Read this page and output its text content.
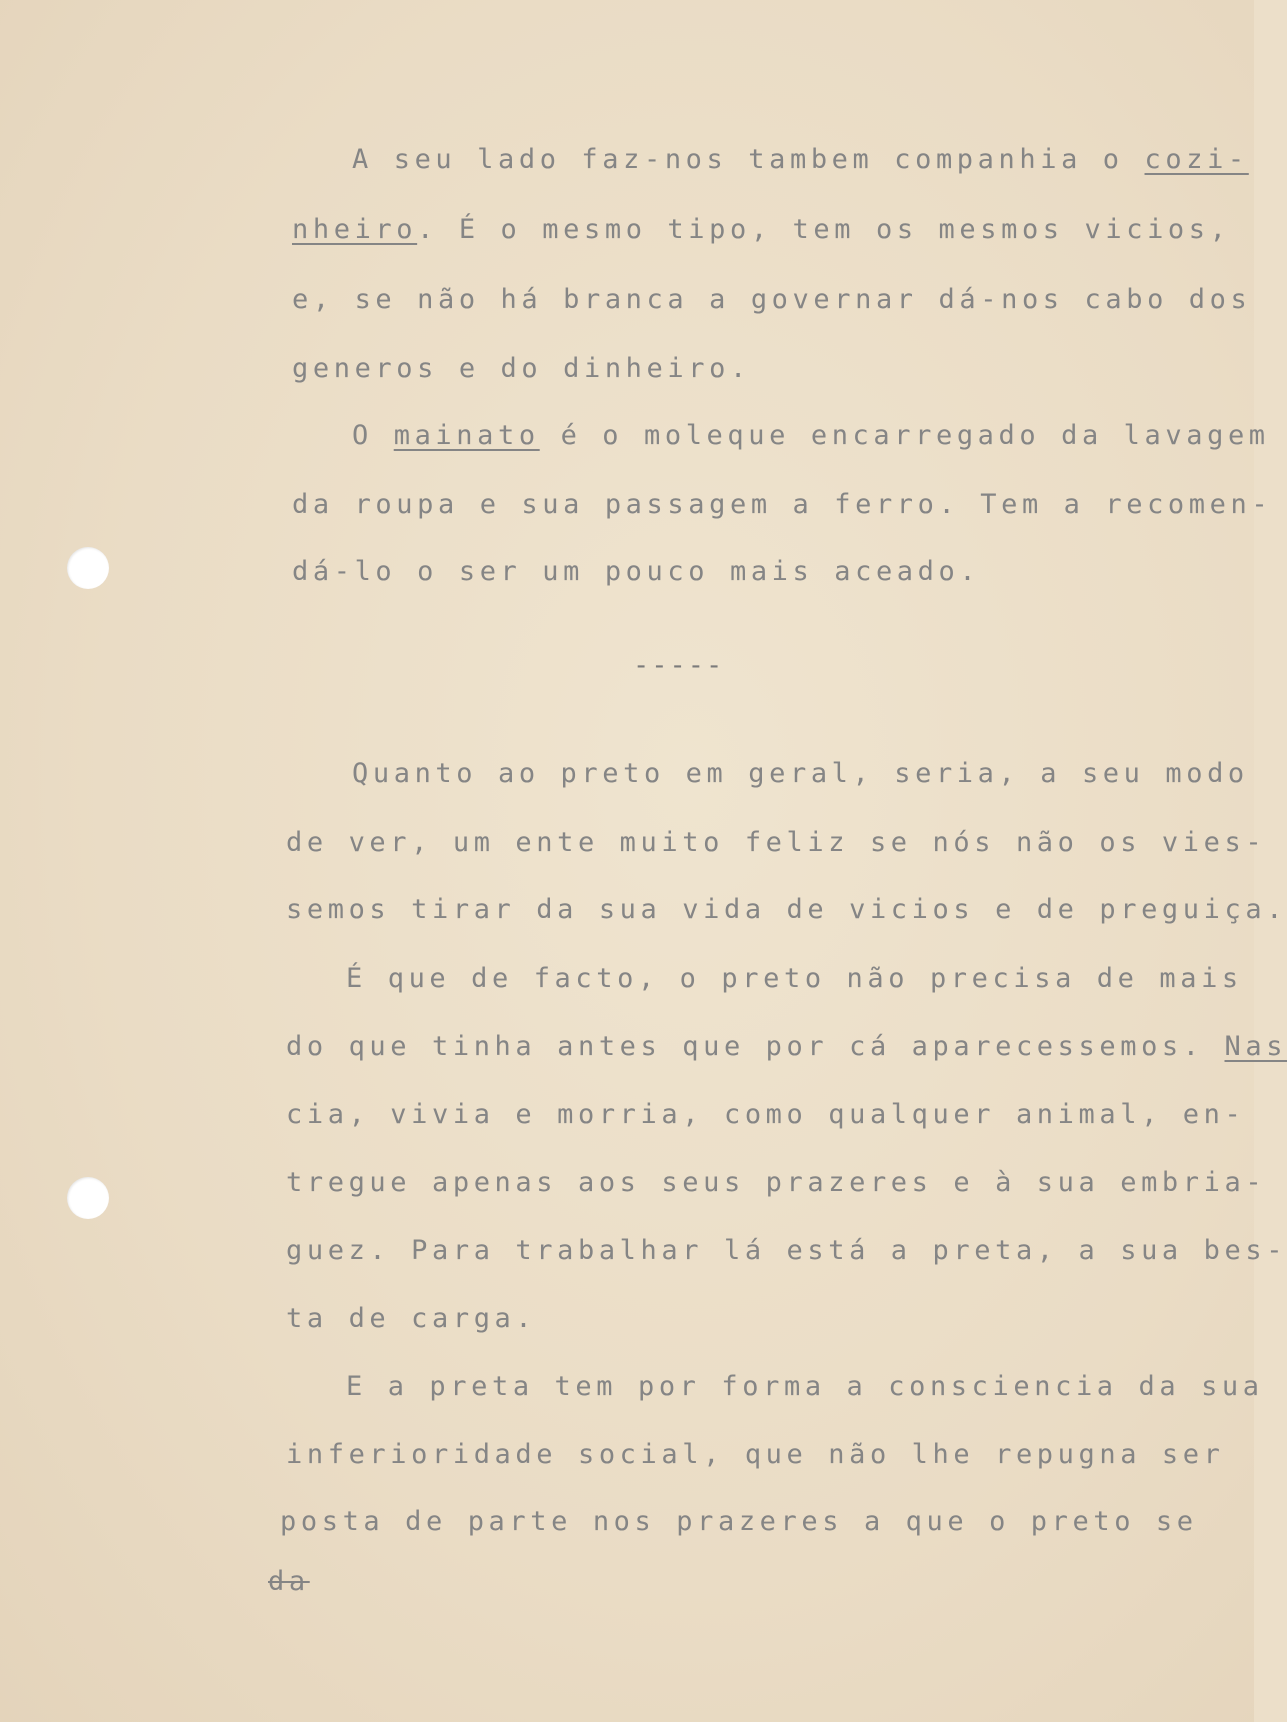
A seu lado faz-nos tambem companhia o cozi-
nheiro. É o mesmo tipo, tem os mesmos vicios,
e, se não há branca a governar dá-nos cabo dos
generos e do dinheiro.
O mainato é o moleque encarregado da lavagem
da roupa e sua passagem a ferro. Tem a recomen-
dá-lo o ser um pouco mais aceado.
-----
Quanto ao preto em geral, seria, a seu modo
de ver, um ente muito feliz se nós não os vies-
semos tirar da sua vida de vicios e de preguiça.
É que de facto, o preto não precisa de mais
do que tinha antes que por cá aparecessemos. Nas
cia, vivia e morria, como qualquer animal, en-
tregue apenas aos seus prazeres e à sua embria-
guez. Para trabalhar lá está a preta, a sua bes-
ta de carga.
E a preta tem por forma a consciencia da sua
inferioridade social, que não lhe repugna ser
posta de parte nos prazeres a que o preto se
da
